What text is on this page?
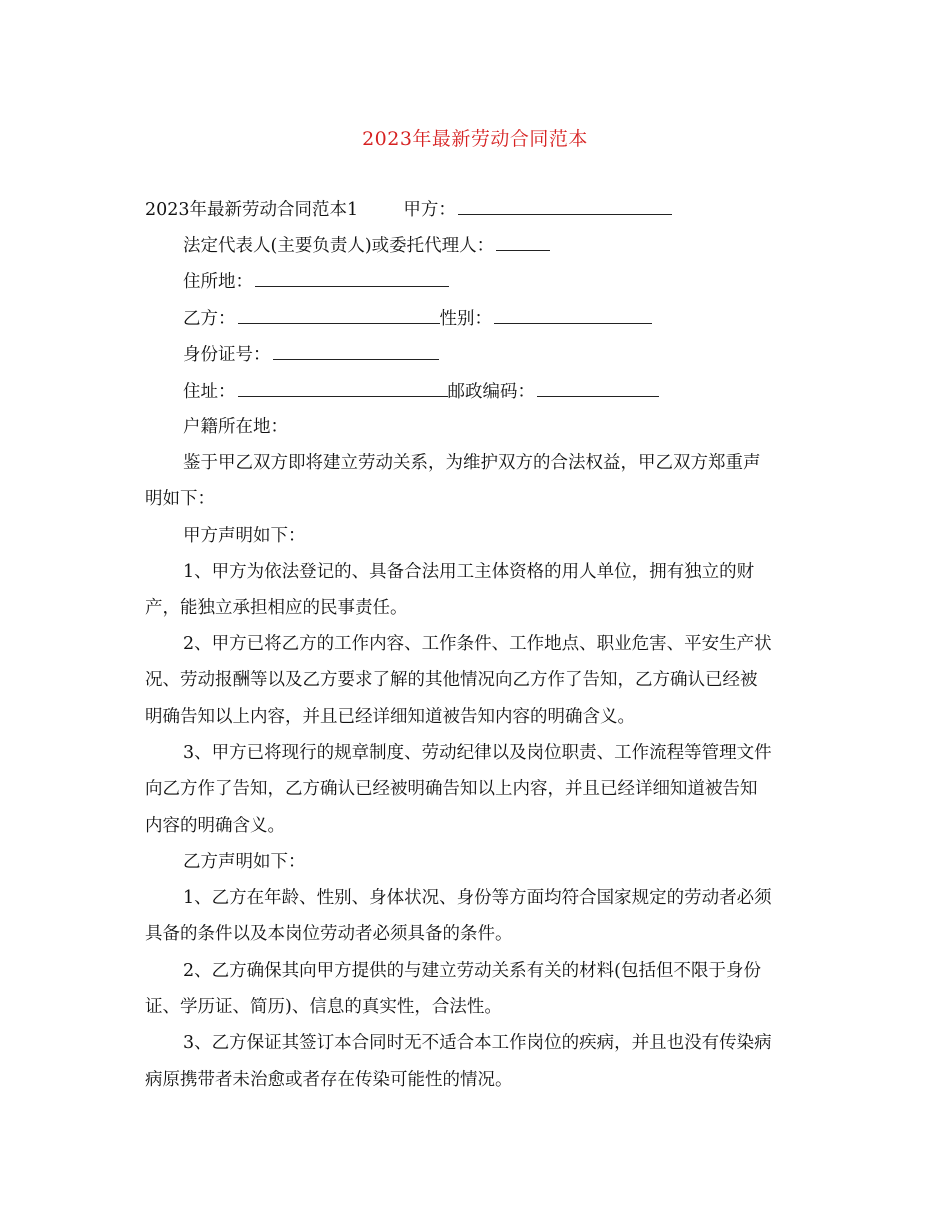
2023年最新劳动合同范本
2023年最新劳动合同范本1	甲方：
法定代表人(主要负责人)或委托代理人：
住所地：
乙方：	性别：
身份证号：
住址：	邮政编码：
户籍所在地：
鉴于甲乙双方即将建立劳动关系，为维护双方的合法权益，甲乙双方郑重声
明如下：
甲方声明如下：
1、甲方为依法登记的、具备合法用工主体资格的用人单位，拥有独立的财
产，能独立承担相应的民事责任。
2、甲方已将乙方的工作内容、工作条件、工作地点、职业危害、平安生产状
况、劳动报酬等以及乙方要求了解的其他情况向乙方作了告知，乙方确认已经被
明确告知以上内容，并且已经详细知道被告知内容的明确含义。
3、甲方已将现行的规章制度、劳动纪律以及岗位职责、工作流程等管理文件
向乙方作了告知，乙方确认已经被明确告知以上内容，并且已经详细知道被告知
内容的明确含义。
乙方声明如下：
1、乙方在年龄、性别、身体状况、身份等方面均符合国家规定的劳动者必须
具备的条件以及本岗位劳动者必须具备的条件。
2、乙方确保其向甲方提供的与建立劳动关系有关的材料(包括但不限于身份
证、学历证、简历)、信息的真实性，合法性。
3、乙方保证其签订本合同时无不适合本工作岗位的疾病，并且也没有传染病
病原携带者未治愈或者存在传染可能性的情况。
